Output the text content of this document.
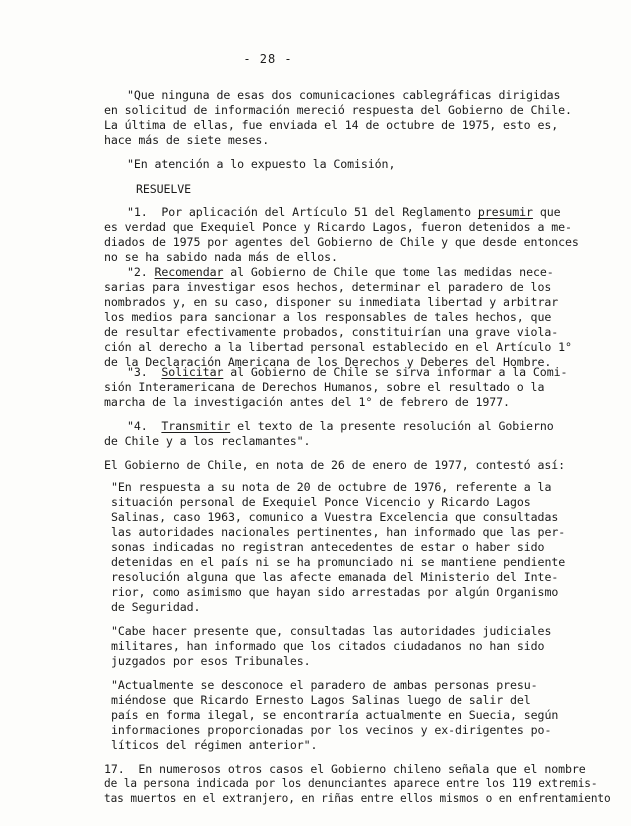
- 28 -
"Que ninguna de esas dos comunicaciones cablegráficas dirigidas
en solicitud de información mereció respuesta del Gobierno de Chile.
La última de ellas, fue enviada el 14 de octubre de 1975, esto es,
hace más de siete meses.
"En atención a lo expuesto la Comisión,
RESUELVE
"1.  Por aplicación del Artículo 51 del Reglamento presumir que
es verdad que Exequiel Ponce y Ricardo Lagos, fueron detenidos a me-
diados de 1975 por agentes del Gobierno de Chile y que desde entonces
no se ha sabido nada más de ellos.
"2. Recomendar al Gobierno de Chile que tome las medidas nece-
sarias para investigar esos hechos, determinar el paradero de los
nombrados y, en su caso, disponer su inmediata libertad y arbitrar
los medios para sancionar a los responsables de tales hechos, que
de resultar efectivamente probados, constituirían una grave viola-
ción al derecho a la libertad personal establecido en el Artículo 1°
de la Declaración Americana de los Derechos y Deberes del Hombre.
"3.  Solicitar al Gobierno de Chile se sirva informar a la Comi-
sión Interamericana de Derechos Humanos, sobre el resultado o la
marcha de la investigación antes del 1° de febrero de 1977.
"4.  Transmitir el texto de la presente resolución al Gobierno
de Chile y a los reclamantes".
El Gobierno de Chile, en nota de 26 de enero de 1977, contestó así:
"En respuesta a su nota de 20 de octubre de 1976, referente a la
situación personal de Exequiel Ponce Vicencio y Ricardo Lagos
Salinas, caso 1963, comunico a Vuestra Excelencia que consultadas
las autoridades nacionales pertinentes, han informado que las per-
sonas indicadas no registran antecedentes de estar o haber sido
detenidas en el país ni se ha promunciado ni se mantiene pendiente
resolución alguna que las afecte emanada del Ministerio del Inte-
rior, como asimismo que hayan sido arrestadas por algún Organismo
de Seguridad.
"Cabe hacer presente que, consultadas las autoridades judiciales
militares, han informado que los citados ciudadanos no han sido
juzgados por esos Tribunales.
"Actualmente se desconoce el paradero de ambas personas presu-
miéndose que Ricardo Ernesto Lagos Salinas luego de salir del
país en forma ilegal, se encontraría actualmente en Suecia, según
informaciones proporcionadas por los vecinos y ex-dirigentes po-
líticos del régimen anterior".
17.  En numerosos otros casos el Gobierno chileno señala que el nombre
de la persona indicada por los denunciantes aparece entre los 119 extremis-
tas muertos en el extranjero, en riñas entre ellos mismos o en enfrentamiento
